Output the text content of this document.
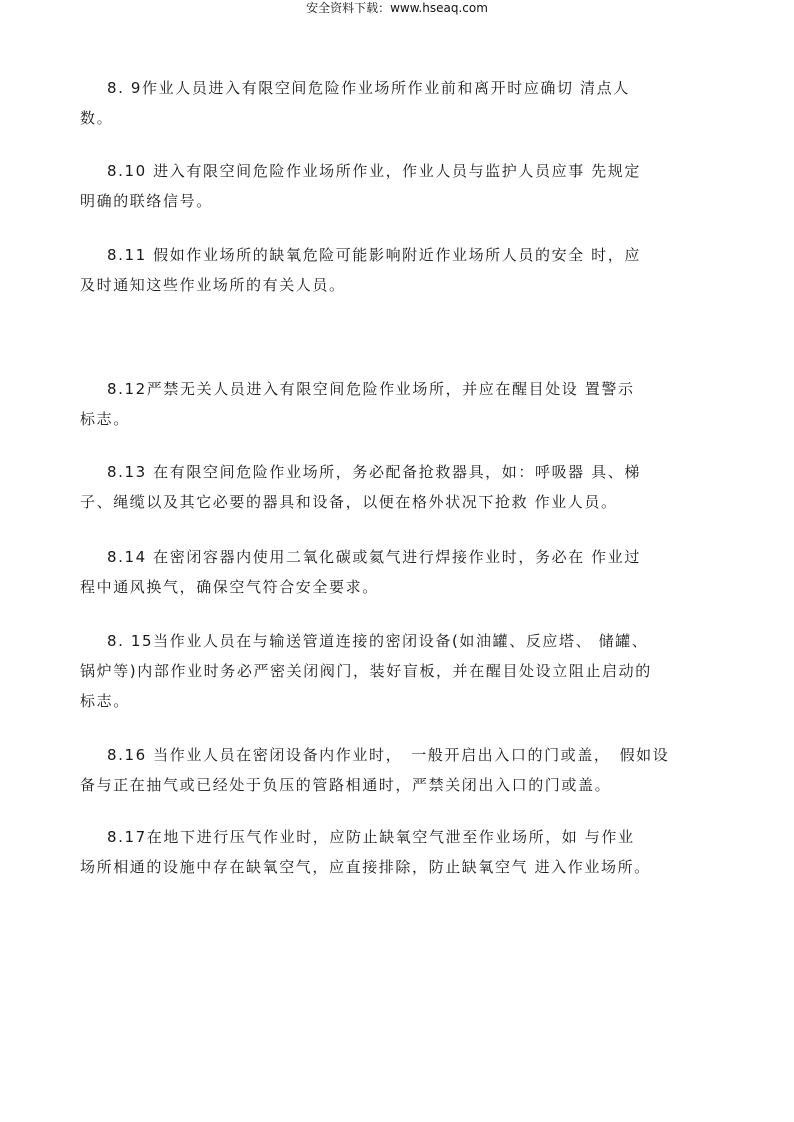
安全资料下载：www.hseaq.com
8. 9作业人员进入有限空间危险作业场所作业前和离开时应确切 清点人
数。
8.10 进入有限空间危险作业场所作业，作业人员与监护人员应事 先规定
明确的联络信号。
8.11 假如作业场所的缺氧危险可能影响附近作业场所人员的安全 时，应
及时通知这些作业场所的有关人员。
8.12严禁无关人员进入有限空间危险作业场所，并应在醒目处设 置警示
标志。
8.13 在有限空间危险作业场所，务必配备抢救器具，如：呼吸器 具、梯
子、绳缆以及其它必要的器具和设备，以便在格外状况下抢救 作业人员。
8.14 在密闭容器内使用二氧化碳或氦气进行焊接作业时，务必在 作业过
程中通风换气，确保空气符合安全要求。
8. 15当作业人员在与输送管道连接的密闭设备(如油罐、反应塔、 储罐、
锅炉等)内部作业时务必严密关闭阀门，装好盲板，并在醒目处设立阻止启动的
标志。
8.16 当作业人员在密闭设备内作业时，　一般开启出入口的门或盖，　假如设
备与正在抽气或已经处于负压的管路相通时，严禁关闭出入口的门或盖。
8.17在地下进行压气作业时，应防止缺氧空气泄至作业场所，如 与作业
场所相通的设施中存在缺氧空气，应直接排除，防止缺氧空气 进入作业场所。
